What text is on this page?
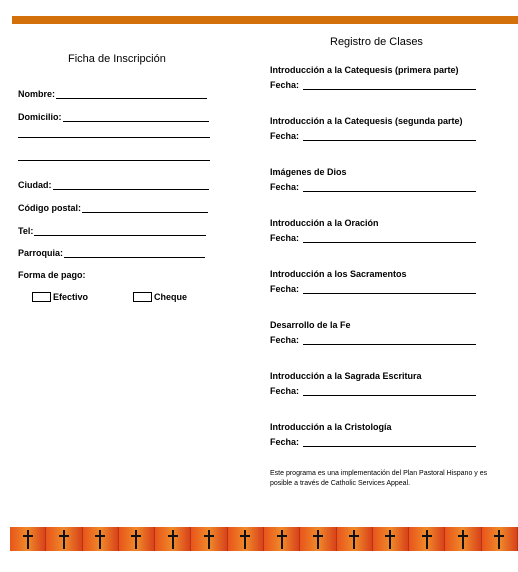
Ficha de Inscripción
Nombre:
Domicilio:
Ciudad:
Código postal:
Tel:
Parroquia:
Forma de pago:
Efectivo	Cheque
Registro de Clases
Introducción a la Catequesis (primera parte)
Fecha:
Introducción a la Catequesis (segunda parte)
Fecha:
Imágenes de Dios
Fecha:
Introducción a la Oración
Fecha:
Introducción a los Sacramentos
Fecha:
Desarrollo de la Fe
Fecha:
Introducción a la Sagrada Escritura
Fecha:
Introducción a la Cristología
Fecha:
Este programa es una implementación del Plan Pastoral Hispano y es posible a través de Catholic Services Appeal.
